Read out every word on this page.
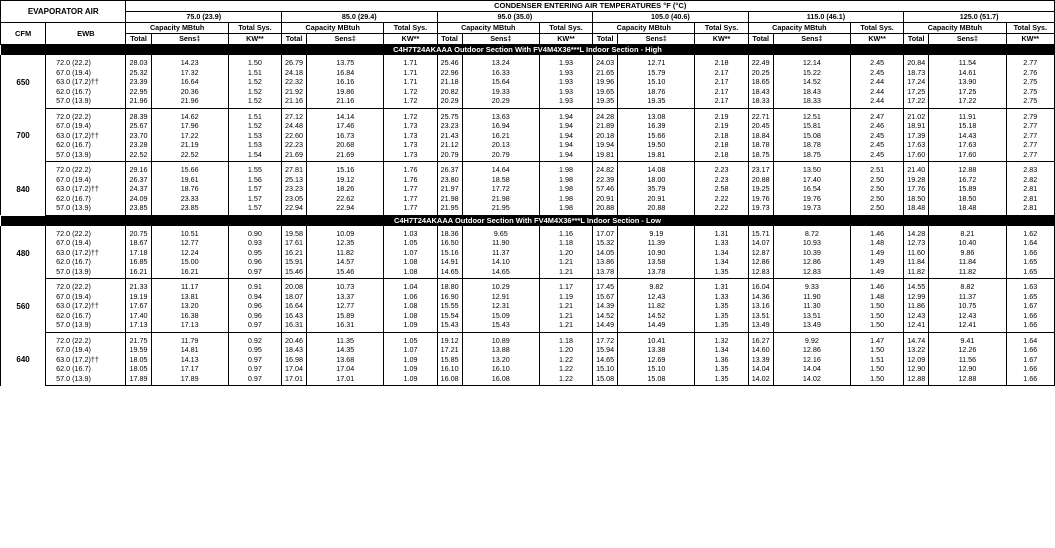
EVAPORATOR AIR		CONDENSER ENTERING AIR TEMPERATURES °F (°C)																	
		75.0 (23.9)			85.0 (29.4)			95.0 (35.0)			105.0 (40.6)			115.0 (46.1)			125.0 (51.7)		
CFM	EWB	Capacity MBtuh		Total Sys.	Capacity MBtuh		Total Sys.	Capacity MBtuh		Total Sys.	Capacity MBtuh		Total Sys.	Capacity MBtuh		Total Sys.	Capacity MBtuh		Total Sys.
		Total	Sens‡	KW**	Total	Sens‡	KW**	Total	Sens‡	KW**	Total	Sens‡	KW**	Total	Sens‡	KW**	Total	Sens‡	KW**
C4H7T24AKAAA Outdoor Section With FV4M4X36***L Indoor Section - High																			
650	72.0 (22.2)	28.03	14.23	1.50	26.79	13.75	1.71	25.46	13.24	1.93	24.03	12.71	2.18	22.49	12.14	2.45	20.84	11.54	2.77
	67.0 (19.4)	25.32	17.32	1.51	24.18	16.84	1.71	22.96	16.33	1.93	21.65	15.79	2.17	20.25	15.22	2.45	18.73	14.61	2.76
	63.0 (17.2)††	23.39	16.64	1.52	22.32	16.16	1.71	21.18	15.64	1.93	19.96	15.10	2.17	18.65	14.52	2.44	17.24	13.90	2.75
	62.0 (16.7)	22.95	20.36	1.52	21.92	19.86	1.72	20.82	19.33	1.93	19.65	18.76	2.17	18.43	18.43	2.44	17.25	17.25	2.75
	57.0 (13.9)	21.96	21.96	1.52	21.16	21.16	1.72	20.29	20.29	1.93	19.35	19.35	2.17	18.33	18.33	2.44	17.22	17.22	2.75
700	72.0 (22.2)	28.39	14.62	1.51	27.12	14.14	1.72	25.75	13.63	1.94	24.28	13.08	2.19	22.71	12.51	2.47	21.02	11.91	2.79
	67.0 (19.4)	25.67	17.96	1.52	24.48	17.46	1.73	23.23	16.94	1.94	21.89	16.39	2.19	20.45	15.81	2.46	18.91	15.18	2.77
	63.0 (17.2)††	23.70	17.22	1.53	22.60	16.73	1.73	21.43	16.21	1.94	20.18	15.66	2.18	18.84	15.08	2.45	17.39	14.43	2.77
	62.0 (16.7)	23.28	21.19	1.53	22.23	20.68	1.73	21.12	20.13	1.94	19.94	19.50	2.18	18.78	18.78	2.45	17.63	17.63	2.77
	57.0 (13.9)	22.52	22.52	1.54	21.69	21.69	1.73	20.79	20.79	1.94	19.81	19.81	2.18	18.75	18.75	2.45	17.60	17.60	2.77
840	72.0 (22.2)	29.16	15.66	1.55	27.81	15.16	1.76	26.37	14.64	1.98	24.82	14.08	2.23	23.17	13.50	2.51	21.40	12.88	2.83
	67.0 (19.4)	26.37	19.61	1.56	25.13	19.12	1.76	23.80	18.58	1.98	22.39	18.00	2.23	20.88	17.40	2.50	19.28	16.72	2.82
	63.0 (17.2)††	24.37	18.76	1.57	23.23	18.26	1.77	21.97	17.72	1.98	57.46	35.79	2.58	19.25	16.54	2.50	17.76	15.89	2.81
	62.0 (16.7)	24.09	23.33	1.57	23.05	22.62	1.77	21.98	21.98	1.98	20.91	20.91	2.22	19.76	19.76	2.50	18.50	18.50	2.81
	57.0 (13.9)	23.85	23.85	1.57	22.94	22.94	1.77	21.95	21.95	1.98	20.88	20.88	2.22	19.73	19.73	2.50	18.48	18.48	2.81
C4H7T24AKAAA Outdoor Section With FV4M4X36***L Indoor Section - Low																			
480	72.0 (22.2)	20.75	10.51	0.90	19.58	10.09	1.03	18.36	9.65	1.16	17.07	9.19	1.31	15.71	8.72	1.46	14.28	8.21	1.62
	67.0 (19.4)	18.67	12.77	0.93	17.61	12.35	1.05	16.50	11.90	1.18	15.32	11.39	1.33	14.07	10.93	1.48	12.73	10.40	1.64
	63.0 (17.2)††	17.18	12.24	0.95	16.21	11.82	1.07	15.16	11.37	1.20	14.05	10.90	1.34	12.87	10.39	1.49	11.60	9.86	1.66
	62.0 (16.7)	16.85	15.00	0.96	15.91	14.57	1.08	14.91	14.10	1.21	13.86	13.58	1.34	12.86	12.86	1.49	11.84	11.84	1.65
	57.0 (13.9)	16.21	16.21	0.97	15.46	15.46	1.08	14.65	14.65	1.21	13.78	13.78	1.35	12.83	12.83	1.49	11.82	11.82	1.65
560	72.0 (22.2)	21.33	11.17	0.91	20.08	10.73	1.04	18.80	10.29	1.17	17.45	9.82	1.31	16.04	9.33	1.46	14.55	8.82	1.63
	67.0 (19.4)	19.19	13.81	0.94	18.07	13.37	1.06	16.90	12.91	1.19	15.67	12.43	1.33	14.36	11.90	1.48	12.99	11.37	1.65
	63.0 (17.2)††	17.67	13.20	0.96	16.64	12.77	1.08	15.55	12.31	1.21	14.39	11.82	1.35	13.16	11.30	1.50	11.86	10.75	1.67
	62.0 (16.7)	17.40	16.38	0.96	16.43	15.89	1.08	15.54	15.09	1.21	14.52	14.52	1.35	13.51	13.51	1.50	12.43	12.43	1.66
	57.0 (13.9)	17.13	17.13	0.97	16.31	16.31	1.09	15.43	15.43	1.21	14.49	14.49	1.35	13.49	13.49	1.50	12.41	12.41	1.66
640	72.0 (22.2)	21.75	11.79	0.92	20.46	11.35	1.05	19.12	10.89	1.18	17.72	10.41	1.32	16.27	9.92	1.47	14.74	9.41	1.64
	67.0 (19.4)	19.59	14.81	0.95	18.43	14.35	1.07	17.21	13.88	1.20	15.94	13.38	1.34	14.60	12.86	1.50	13.22	12.26	1.66
	63.0 (17.2)††	18.05	14.13	0.97	16.98	13.68	1.09	15.85	13.20	1.22	14.65	12.69	1.36	13.39	12.16	1.51	12.09	11.56	1.67
	62.0 (16.7)	18.05	17.17	0.97	17.04	17.04	1.09	16.10	16.10	1.22	15.10	15.10	1.35	14.04	14.04	1.50	12.90	12.90	1.66
	57.0 (13.9)	17.89	17.89	0.97	17.01	17.01	1.09	16.08	16.08	1.22	15.08	15.08	1.35	14.02	14.02	1.50	12.88	12.88	1.66
